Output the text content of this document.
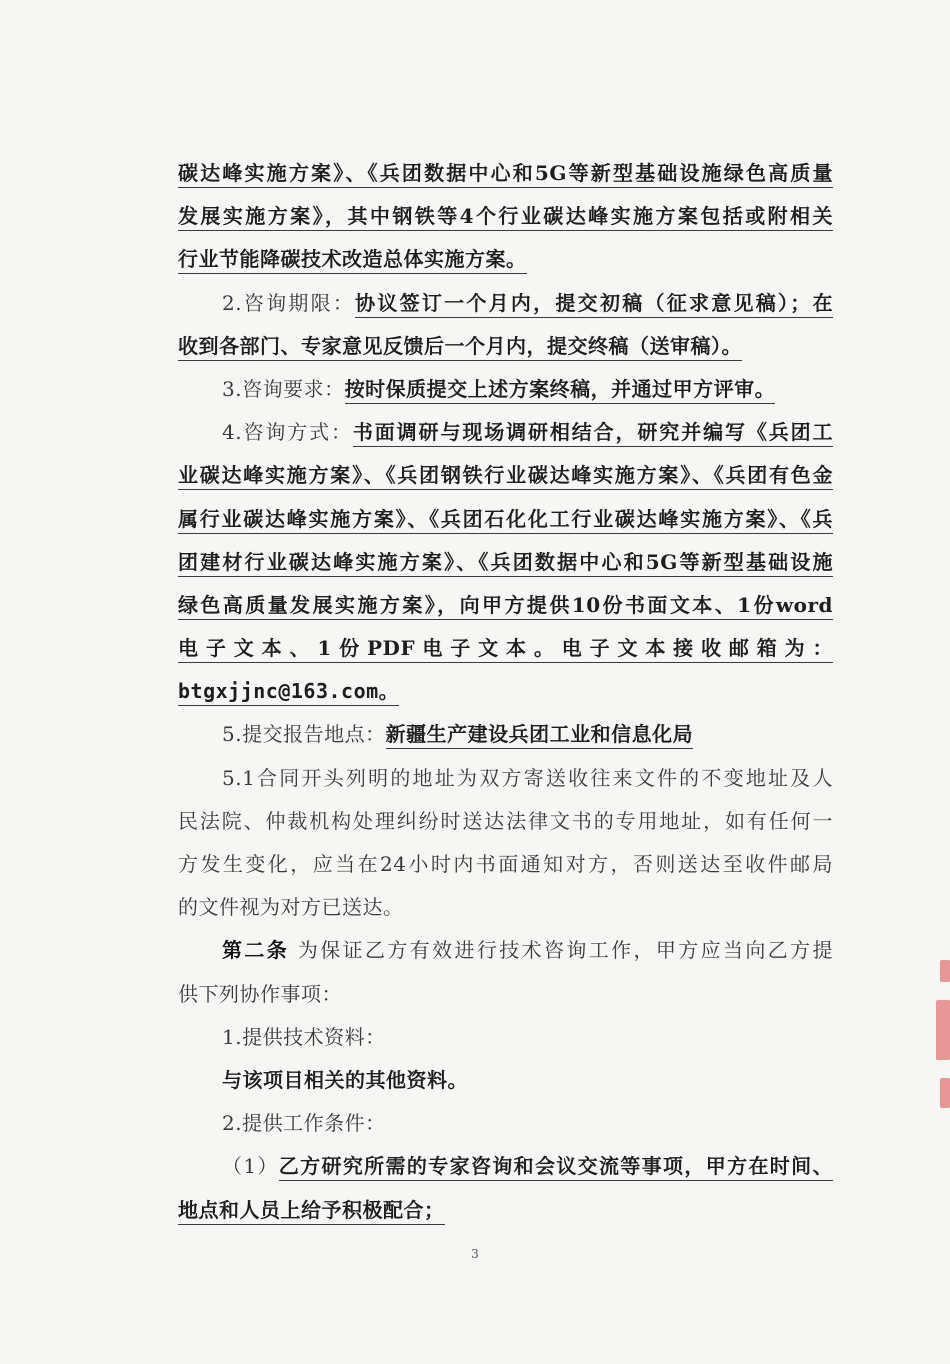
碳达峰实施方案》、《兵团数据中心和5G等新型基础设施绿色高质量
发展实施方案》，其中钢铁等4个行业碳达峰实施方案包括或附相关
行业节能降碳技术改造总体实施方案。
2.咨询期限：协议签订一个月内，提交初稿（征求意见稿）；在
收到各部门、专家意见反馈后一个月内，提交终稿（送审稿）。
3.咨询要求：按时保质提交上述方案终稿，并通过甲方评审。
4.咨询方式：书面调研与现场调研相结合，研究并编写《兵团工
业碳达峰实施方案》、《兵团钢铁行业碳达峰实施方案》、《兵团有色金
属行业碳达峰实施方案》、《兵团石化化工行业碳达峰实施方案》、《兵
团建材行业碳达峰实施方案》、《兵团数据中心和5G等新型基础设施
绿色高质量发展实施方案》，向甲方提供10份书面文本、1份word
电子文本、1份PDF电子文本。电子文本接收邮箱为：
btgxjjnc@163.com。
5.提交报告地点：新疆生产建设兵团工业和信息化局
5.1合同开头列明的地址为双方寄送收往来文件的不变地址及人
民法院、仲裁机构处理纠纷时送达法律文书的专用地址，如有任何一
方发生变化，应当在24小时内书面通知对方，否则送达至收件邮局
的文件视为对方已送达。
第二条 为保证乙方有效进行技术咨询工作，甲方应当向乙方提
供下列协作事项：
1.提供技术资料：
与该项目相关的其他资料。
2.提供工作条件：
（1）乙方研究所需的专家咨询和会议交流等事项，甲方在时间、
地点和人员上给予积极配合；
3
